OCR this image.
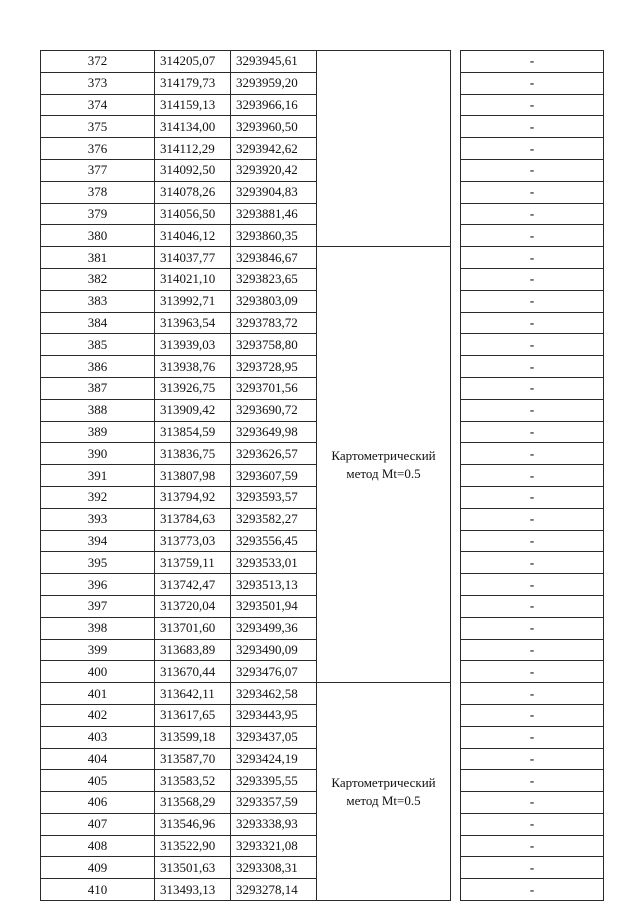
372	314205,07	3293945,61			-
373	314179,73	3293959,20			-
374	314159,13	3293966,16			-
375	314134,00	3293960,50			-
376	314112,29	3293942,62			-
377	314092,50	3293920,42			-
378	314078,26	3293904,83			-
379	314056,50	3293881,46			-
380	314046,12	3293860,35			-
381	314037,77	3293846,67	Картометрический
метод Mt=0.5		-
382	314021,10	3293823,65			-
383	313992,71	3293803,09			-
384	313963,54	3293783,72			-
385	313939,03	3293758,80			-
386	313938,76	3293728,95			-
387	313926,75	3293701,56			-
388	313909,42	3293690,72			-
389	313854,59	3293649,98			-
390	313836,75	3293626,57			-
391	313807,98	3293607,59			-
392	313794,92	3293593,57			-
393	313784,63	3293582,27			-
394	313773,03	3293556,45			-
395	313759,11	3293533,01			-
396	313742,47	3293513,13			-
397	313720,04	3293501,94			-
398	313701,60	3293499,36			-
399	313683,89	3293490,09			-
400	313670,44	3293476,07			-
401	313642,11	3293462,58	Картометрический
метод Mt=0.5		-
402	313617,65	3293443,95			-
403	313599,18	3293437,05			-
404	313587,70	3293424,19			-
405	313583,52	3293395,55			-
406	313568,29	3293357,59			-
407	313546,96	3293338,93			-
408	313522,90	3293321,08			-
409	313501,63	3293308,31			-
410	313493,13	3293278,14			-
